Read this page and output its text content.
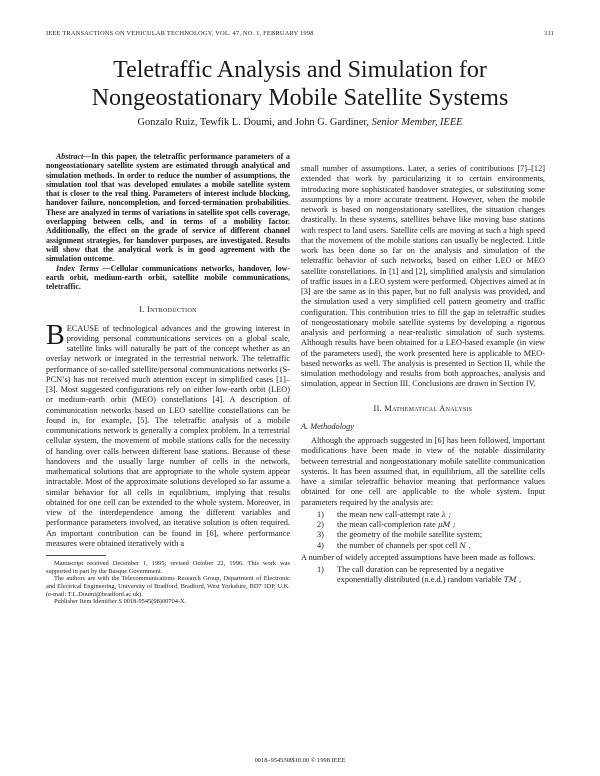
IEEE TRANSACTIONS ON VEHICULAR TECHNOLOGY, VOL. 47, NO. 1, FEBRUARY 1998	311
Teletraffic Analysis and Simulation for
Nongeostationary Mobile Satellite Systems
Gonzalo Ruiz, Tewfik L. Doumi, and John G. Gardiner, Senior Member, IEEE

Abstract—In this paper, the teletraffic performance parameters of a nongeostationary satellite system are estimated through analytical and simulation methods. In order to reduce the number of assumptions, the simulation tool that was developed emulates a mobile satellite system that is closer to the real thing. Parameters of interest include blocking, handover failure, noncompletion, and forced-termination probabilities. These are analyzed in terms of variations in satellite spot cells coverage, overlapping between cells, and in terms of a mobility factor. Additionally, the effect on the grade of service of different channel assignment strategies, for handover purposes, are investigated. Results will show that the analytical work is in good agreement with the simulation outcome.

Index Terms —Cellular communications networks, handover, low-earth orbit, medium-earth orbit, satellite mobile communications, teletraffic.

I. Introduction

BECAUSE of technological advances and the growing interest in providing personal communications services on a global scale, satellite links will naturally be part of the concept whether as an overlay network or integrated in the terrestrial network. The teletraffic performance of so-called satellite/personal communications networks (S-PCN’s) has not received much attention except in simplified cases [1]–[3]. Most suggested configurations rely on either low-earth orbit (LEO) or medium-earth orbit (MEO) constellations [4]. A description of communication networks based on LEO satellite constellations can be found in, for example, [5]. The teletraffic analysis of a mobile communications network is generally a complex problem. In a terrestrial cellular system, the movement of mobile stations calls for the necessity of handing over calls between different base stations. Because of these handovers and the usually large number of cells in the network, mathematical solutions that are appropriate to the whole system appear intractable. Most of the approximate solutions developed so far assume a similar behavior for all cells in equilibrium, implying that results obtained for one cell can be extended to the whole system. Moreover, in view of the interdependence among the different variables and performance parameters involved, an iterative solution is often required. An important contribution can be found in [6], where performance measures were obtained iteratively with a

Manuscript received December 1, 1995; revised October 22, 1996. This work was supported in part by the Basque Government.
The authors are with the Telecommunications Research Group, Department of Electronic and Electrical Engineering, University of Bradford, Bradford, West Yorkshire, BD7 1DP, U.K. (e-mail: T.L.Doumi@bradford.ac.uk).
Publisher Item Identifier S 0018-9545(98)00704-X.

small number of assumptions. Later, a series of contributions [7]–[12] extended that work by particularizing it to certain environments, introducing more sophisticated handover strategies, or substituting some assumptions by a more accurate treatment. However, when the mobile network is based on nongeostationary satellites, the situation changes drastically. In these systems, satellites behave like moving base stations with respect to land users. Satellite cells are moving at such a high speed that the movement of the mobile stations can usually be neglected. Little work has been done so far on the analysis and simulation of the teletraffic behavior of such networks, based on either LEO or MEO satellite constellations. In [1] and [2], simplified analysis and simulation of traffic issues in a LEO system were performed. Objectives aimed at in [3] are the same as in this paper, but no full analysis was provided, and the simulation used a very simplified cell pattern geometry and traffic configuration. This contribution tries to fill the gap in teletraffic studies of nongeostationary mobile satellite systems by developing a rigorous analysis and performing a near-realistic simulation of such systems. Although results have been obtained for a LEO-based example (in view of the parameters used), the work presented here is applicable to MEO-based networks as well. The analysis is presented in Section II, while the simulation methodology and results from both approaches, analysis and simulation, appear in Section III. Conclusions are drawn in Section IV.

II. Mathematical Analysis
A. Methodology

Although the approach suggested in [6] has been followed, important modifications have been made in view of the notable dissimilarity between terrestrial and nongeostationary mobile satellite communication systems. It has been assumed that, in equilibrium, all the satellite cells have a similar teletraffic behavior meaning that performance values obtained for one cell are applicable to the whole system. Input parameters required by the analysis are:

1) the mean new call-attempt rate λ ;
2) the mean call-completion rate μM ;
3) the geometry of the mobile satellite system;
4) the number of channels per spot cell N .

A number of widely accepted assumptions have been made as follows.

1) The call duration can be represented by a negative exponentially distributed (n.e.d.) random variable TM ,
0018–9545/98$10.00 © 1998 IEEE
